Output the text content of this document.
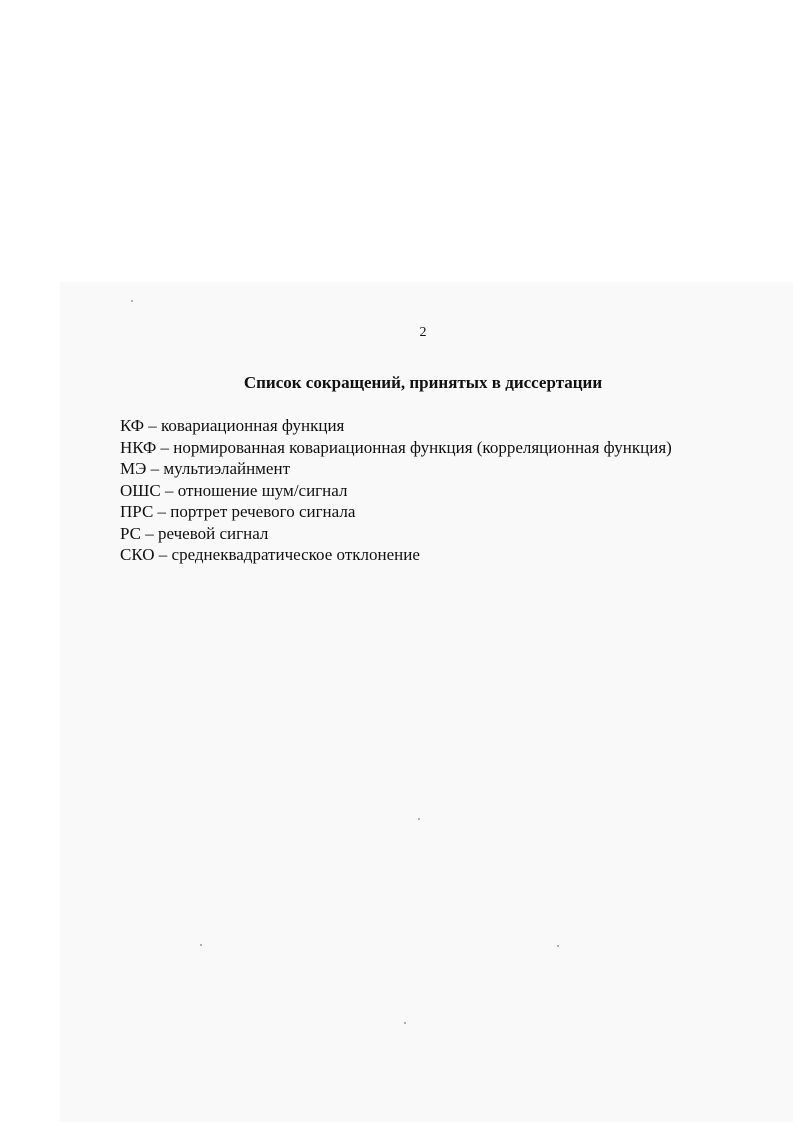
2
Список сокращений, принятых в диссертации
КФ – ковариационная функция
НКФ – нормированная ковариационная функция (корреляционная функция)
МЭ – мультиэлайнмент
ОШС – отношение шум/сигнал
ПРС – портрет речевого сигнала
РС – речевой сигнал
СКО – среднеквадратическое отклонение
